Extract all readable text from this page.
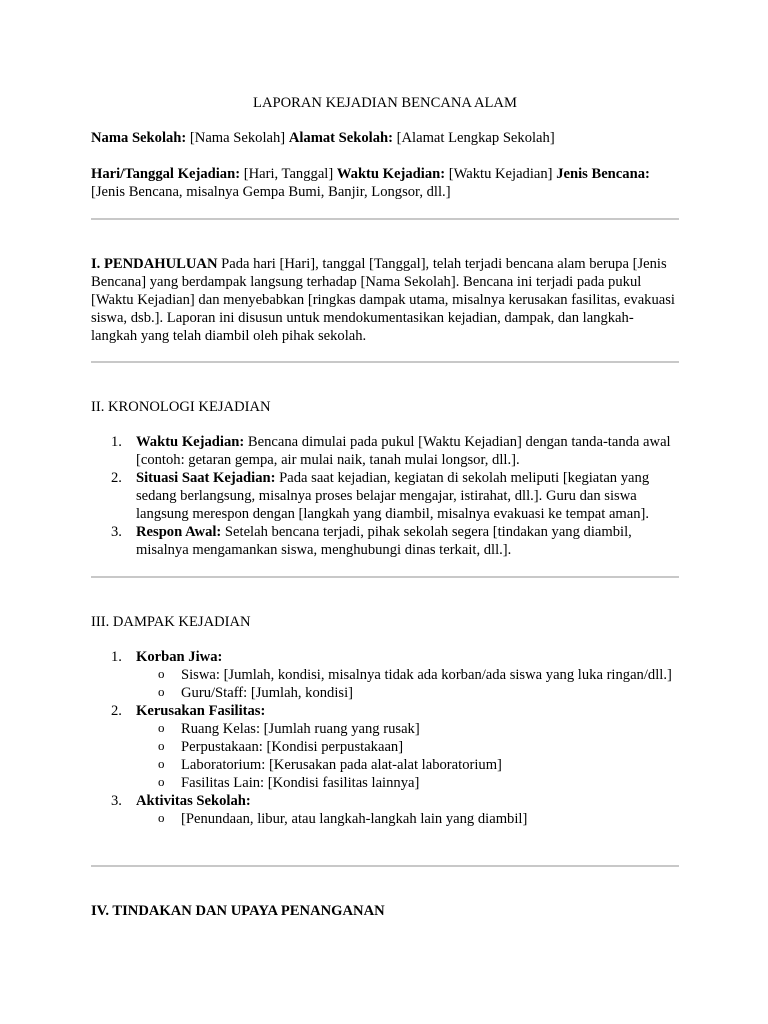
LAPORAN KEJADIAN BENCANA ALAM

Nama Sekolah: [Nama Sekolah] Alamat Sekolah: [Alamat Lengkap Sekolah]

Hari/Tanggal Kejadian: [Hari, Tanggal] Waktu Kejadian: [Waktu Kejadian] Jenis Bencana: [Jenis Bencana, misalnya Gempa Bumi, Banjir, Longsor, dll.]

I. PENDAHULUAN Pada hari [Hari], tanggal [Tanggal], telah terjadi bencana alam berupa [Jenis Bencana] yang berdampak langsung terhadap [Nama Sekolah]. Bencana ini terjadi pada pukul [Waktu Kejadian] dan menyebabkan [ringkas dampak utama, misalnya kerusakan fasilitas, evakuasi siswa, dsb.]. Laporan ini disusun untuk mendokumentasikan kejadian, dampak, dan langkah-langkah yang telah diambil oleh pihak sekolah.

II. KRONOLOGI KEJADIAN

1. Waktu Kejadian: Bencana dimulai pada pukul [Waktu Kejadian] dengan tanda-tanda awal [contoh: getaran gempa, air mulai naik, tanah mulai longsor, dll.].
2. Situasi Saat Kejadian: Pada saat kejadian, kegiatan di sekolah meliputi [kegiatan yang sedang berlangsung, misalnya proses belajar mengajar, istirahat, dll.]. Guru dan siswa langsung merespon dengan [langkah yang diambil, misalnya evakuasi ke tempat aman].
3. Respon Awal: Setelah bencana terjadi, pihak sekolah segera [tindakan yang diambil, misalnya mengamankan siswa, menghubungi dinas terkait, dll.].

III. DAMPAK KEJADIAN

1. Korban Jiwa:
o Siswa: [Jumlah, kondisi, misalnya tidak ada korban/ada siswa yang luka ringan/dll.]
o Guru/Staff: [Jumlah, kondisi]
2. Kerusakan Fasilitas:
o Ruang Kelas: [Jumlah ruang yang rusak]
o Perpustakaan: [Kondisi perpustakaan]
o Laboratorium: [Kerusakan pada alat-alat laboratorium]
o Fasilitas Lain: [Kondisi fasilitas lainnya]
3. Aktivitas Sekolah:
o [Penundaan, libur, atau langkah-langkah lain yang diambil]

IV. TINDAKAN DAN UPAYA PENANGANAN
